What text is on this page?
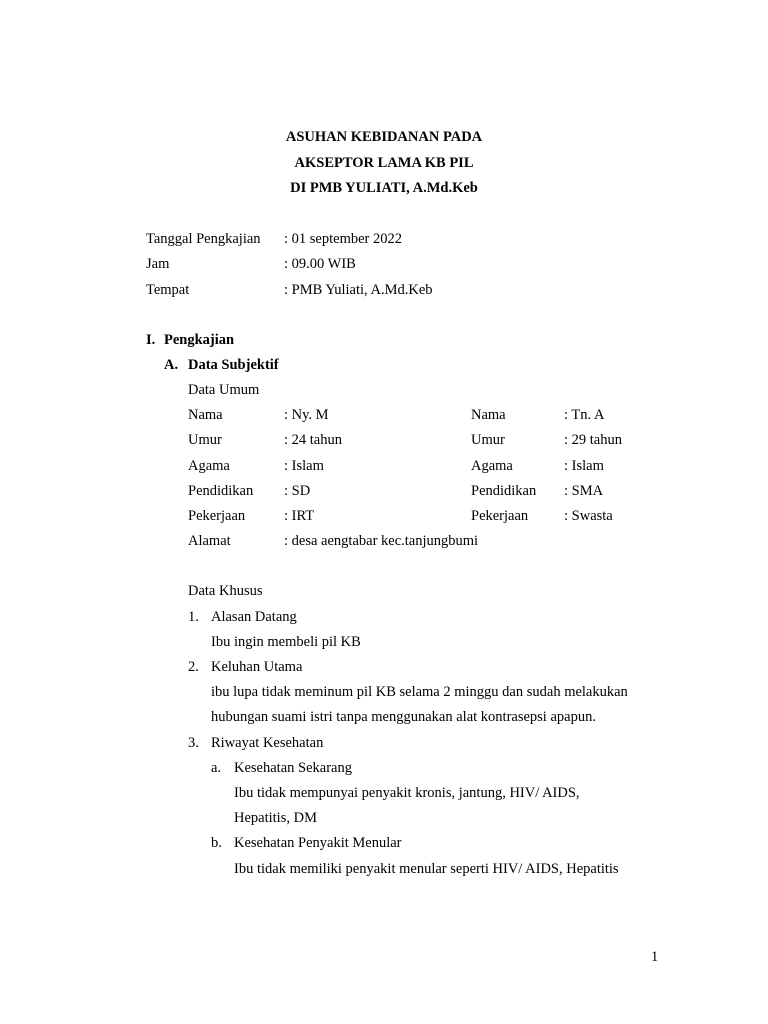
ASUHAN KEBIDANAN PADA
AKSEPTOR LAMA KB PIL
DI PMB YULIATI, A.Md.Keb
Tanggal Pengkajian : 01 september 2022
Jam	: 09.00 WIB
Tempat	: PMB Yuliati, A.Md.Keb
I. Pengkajian
A. Data Subjektif
Data Umum
Nama	: Ny. M	Nama	: Tn. A
Umur	: 24 tahun	Umur	: 29 tahun
Agama	: Islam	Agama	: Islam
Pendidikan : SD	Pendidikan : SMA
Pekerjaan	: IRT	Pekerjaan : Swasta
Alamat	: desa aengtabar kec.tanjungbumi
Data Khusus
1. Alasan Datang
Ibu ingin membeli pil KB
2. Keluhan Utama
ibu lupa tidak meminum pil KB selama 2 minggu dan sudah melakukan
hubungan suami istri tanpa menggunakan alat kontrasepsi apapun.
3. Riwayat Kesehatan
a. Kesehatan Sekarang
Ibu tidak mempunyai penyakit kronis, jantung, HIV/ AIDS,
Hepatitis, DM
b. Kesehatan Penyakit Menular
Ibu tidak memiliki penyakit menular seperti HIV/ AIDS, Hepatitis
1
